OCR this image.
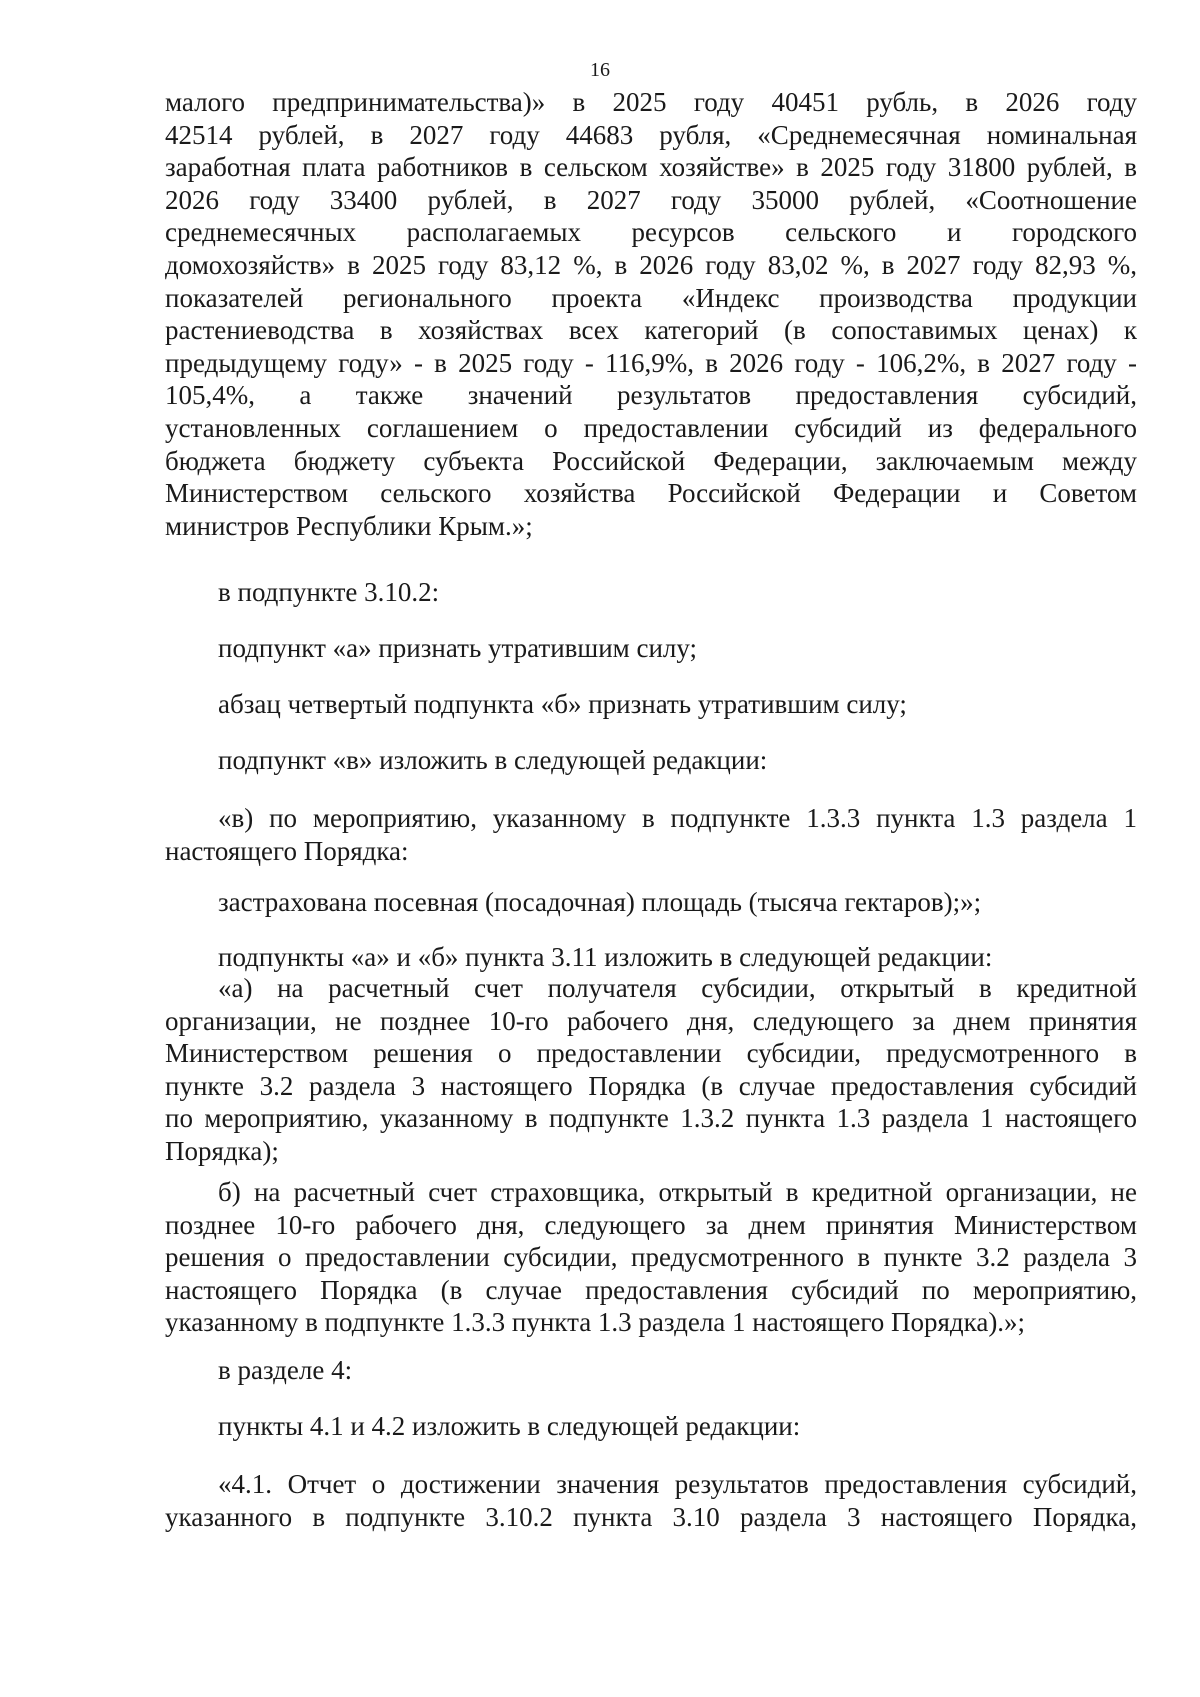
16

малого предпринимательства)» в 2025 году 40451 рубль, в 2026 году

42514 рублей, в 2027 году 44683 рубля, «Среднемесячная номинальная

заработная плата работников в сельском хозяйстве» в 2025 году 31800 рублей, в

2026 году 33400 рублей, в 2027 году 35000 рублей, «Соотношение

среднемесячных располагаемых ресурсов сельского и городского

домохозяйств» в 2025 году 83,12 %, в 2026 году 83,02 %, в 2027 году 82,93 %,

показателей регионального проекта «Индекс производства продукции

растениеводства в хозяйствах всех категорий (в сопоставимых ценах) к

предыдущему году» - в 2025 году - 116,9%, в 2026 году - 106,2%, в 2027 году -

105,4%, а также значений результатов предоставления субсидий,

установленных соглашением о предоставлении субсидий из федерального

бюджета бюджету субъекта Российской Федерации, заключаемым между

Министерством сельского хозяйства Российской Федерации и Советом

министров Республики Крым.»;

в подпункте 3.10.2:

подпункт «а» признать утратившим силу;

абзац четвертый подпункта «б» признать утратившим силу;

подпункт «в» изложить в следующей редакции:

«в) по мероприятию, указанному в подпункте 1.3.3 пункта 1.3 раздела 1

настоящего Порядка:

застрахована посевная (посадочная) площадь (тысяча гектаров);»;

подпункты «а» и «б» пункта 3.11 изложить в следующей редакции:

«а) на расчетный счет получателя субсидии, открытый в кредитной

организации, не позднее 10-го рабочего дня, следующего за днем принятия

Министерством решения о предоставлении субсидии, предусмотренного в

пункте 3.2 раздела 3 настоящего Порядка (в случае предоставления субсидий

по мероприятию, указанному в подпункте 1.3.2 пункта 1.3 раздела 1 настоящего

Порядка);

б) на расчетный счет страховщика, открытый в кредитной организации, не

позднее 10-го рабочего дня, следующего за днем принятия Министерством

решения о предоставлении субсидии, предусмотренного в пункте 3.2 раздела 3

настоящего Порядка (в случае предоставления субсидий по мероприятию,

указанному в подпункте 1.3.3 пункта 1.3 раздела 1 настоящего Порядка).»;

в разделе 4:

пункты 4.1 и 4.2 изложить в следующей редакции:

«4.1. Отчет о достижении значения результатов предоставления субсидий,

указанного в подпункте 3.10.2 пункта 3.10 раздела 3 настоящего Порядка,
